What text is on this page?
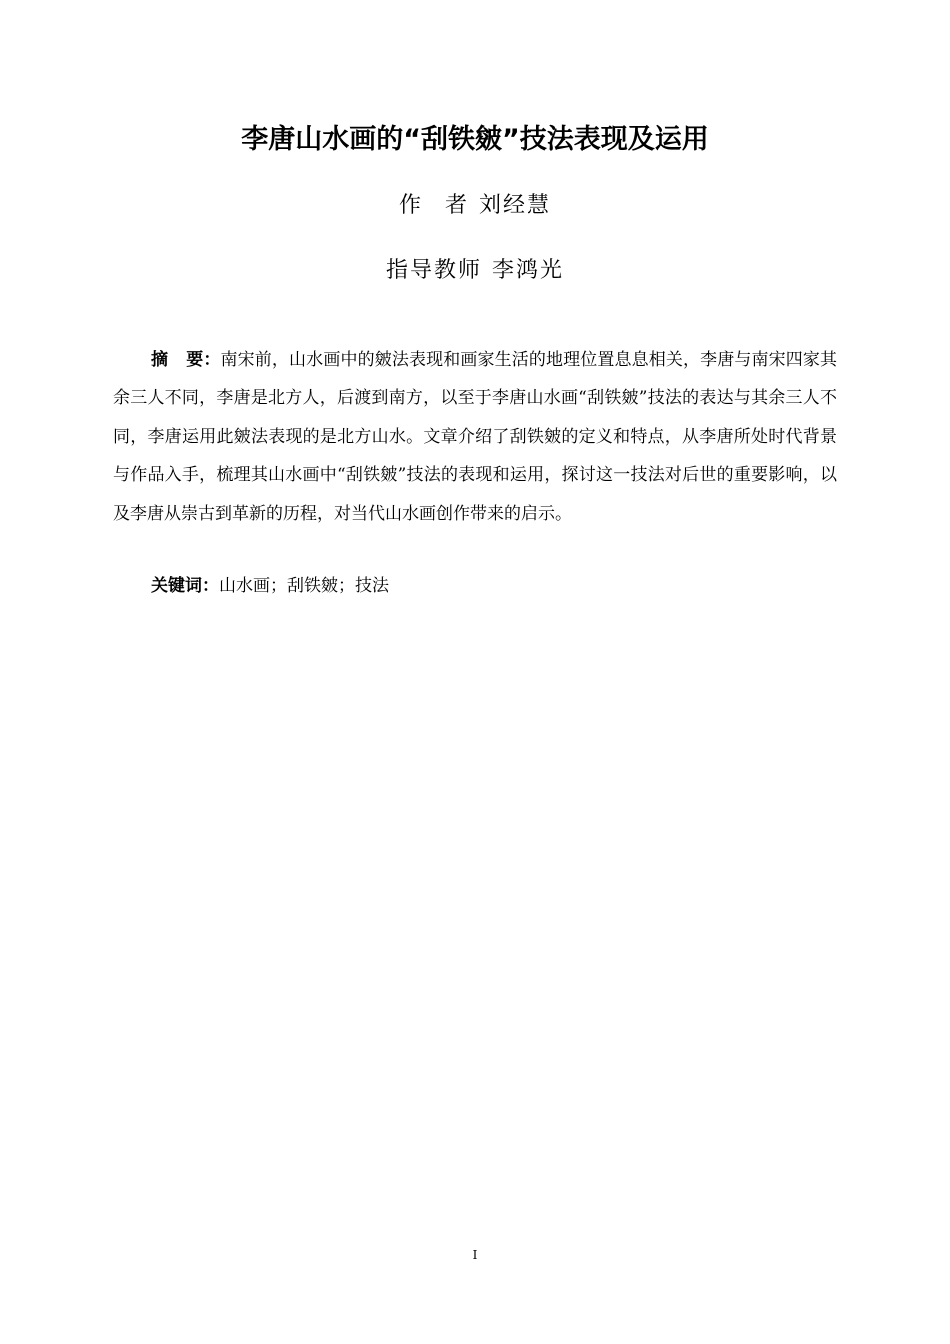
李唐山水画的“刮铁皴”技法表现及运用
作 者 刘经慧
指导教师 李鸿光

摘 要：南宋前，山水画中的皴法表现和画家生活的地理位置息息相关，李唐与南宋四家其余三人不同，李唐是北方人，后渡到南方，以至于李唐山水画“刮铁皴”技法的表达与其余三人不同，李唐运用此皴法表现的是北方山水。文章介绍了刮铁皴的定义和特点，从李唐所处时代背景与作品入手，梳理其山水画中“刮铁皴”技法的表现和运用，探讨这一技法对后世的重要影响，以及李唐从崇古到革新的历程，对当代山水画创作带来的启示。

关键词：山水画；刮铁皴；技法

I
